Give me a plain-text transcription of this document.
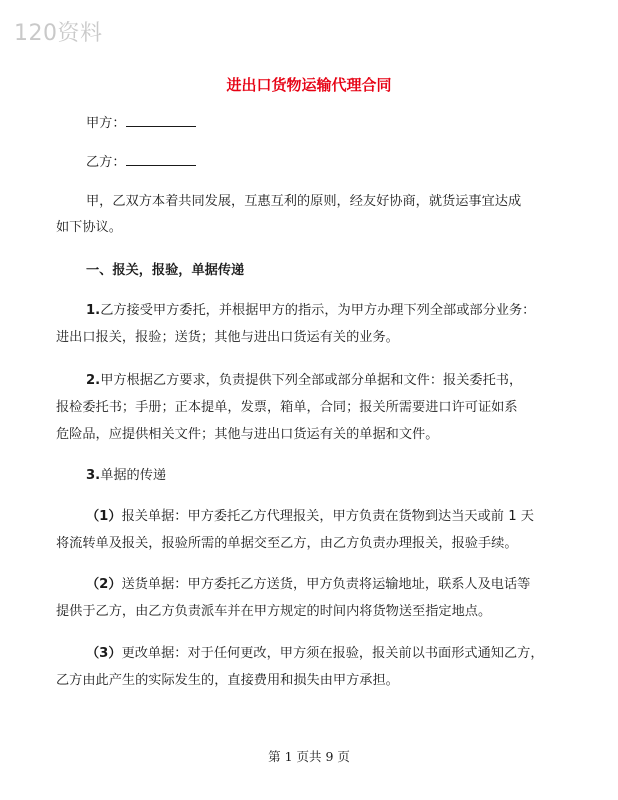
120资料
进出口货物运输代理合同
甲方：
乙方：
甲，乙双方本着共同发展，互惠互利的原则，经友好协商，就货运事宜达成
如下协议。
一、报关，报验，单据传递
1.乙方接受甲方委托，并根据甲方的指示，为甲方办理下列全部或部分业务：
进出口报关，报验；送货；其他与进出口货运有关的业务。
2.甲方根据乙方要求，负责提供下列全部或部分单据和文件：报关委托书，
报检委托书；手册；正本提单，发票，箱单，合同；报关所需要进口许可证如系
危险品，应提供相关文件；其他与进出口货运有关的单据和文件。
3.单据的传递
（1）报关单据：甲方委托乙方代理报关，甲方负责在货物到达当天或前 1 天
将流转单及报关，报验所需的单据交至乙方，由乙方负责办理报关，报验手续。
（2）送货单据：甲方委托乙方送货，甲方负责将运输地址，联系人及电话等
提供于乙方，由乙方负责派车并在甲方规定的时间内将货物送至指定地点。
（3）更改单据：对于任何更改，甲方须在报验，报关前以书面形式通知乙方，
乙方由此产生的实际发生的，直接费用和损失由甲方承担。
第 1 页共 9 页
